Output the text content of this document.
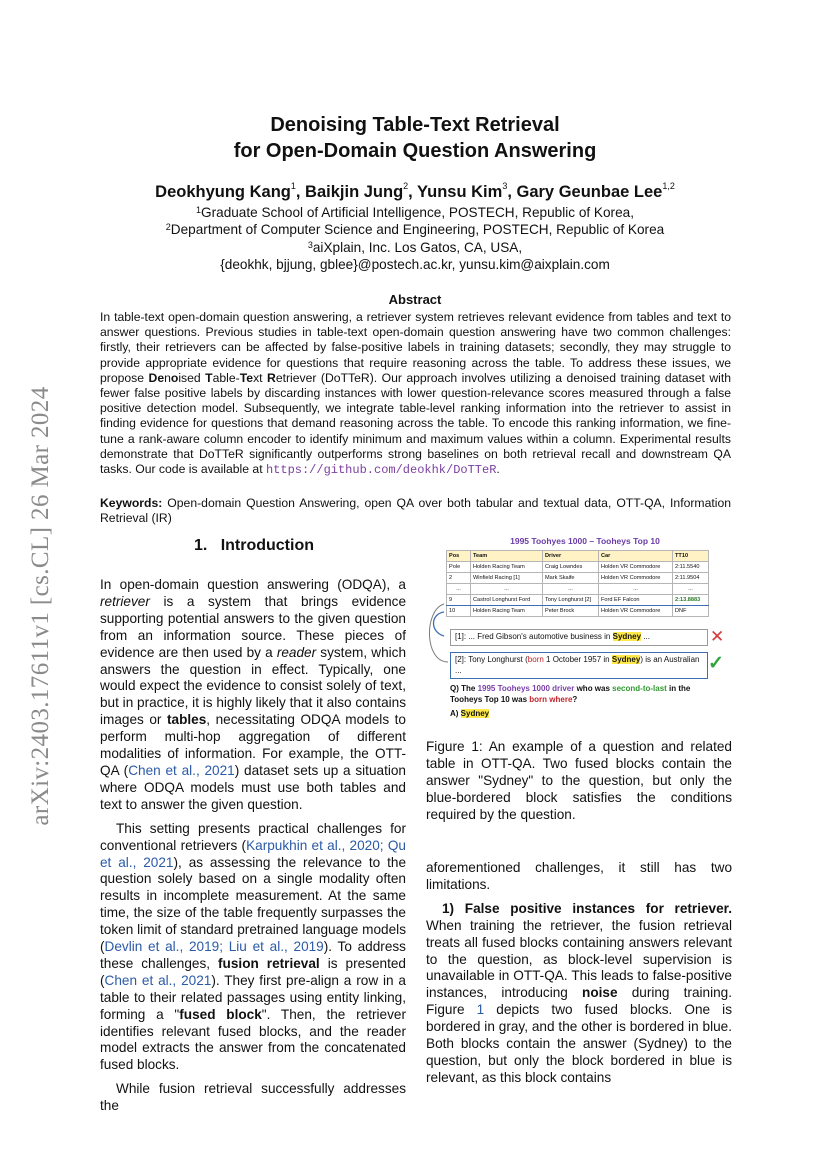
arXiv:2403.17611v1 [cs.CL] 26 Mar 2024
Denoising Table-Text Retrieval
for Open-Domain Question Answering
Deokhyung Kang$^1$, Baikjin Jung$^2$, Yunsu Kim$^3$, Gary Geunbae Lee$^{1,2}$
$^1$Graduate School of Artificial Intelligence, POSTECH, Republic of Korea,
$^2$Department of Computer Science and Engineering, POSTECH, Republic of Korea
$^3$aiXplain, Inc. Los Gatos, CA, USA,
{deokhk, bjjung, gblee}@postech.ac.kr, yunsu.kim@aixplain.com
Abstract
In table-text open-domain question answering, a retriever system retrieves relevant evidence from tables and text to answer questions. Previous studies in table-text open-domain question answering have two common challenges: firstly, their retrievers can be affected by false-positive labels in training datasets; secondly, they may struggle to provide appropriate evidence for questions that require reasoning across the table. To address these issues, we propose Denoised Table-Text Retriever (DoTTeR). Our approach involves utilizing a denoised training dataset with fewer false positive labels by discarding instances with lower question-relevance scores measured through a false positive detection model. Subsequently, we integrate table-level ranking information into the retriever to assist in finding evidence for questions that demand reasoning across the table. To encode this ranking information, we fine-tune a rank-aware column encoder to identify minimum and maximum values within a column. Experimental results demonstrate that DoTTeR significantly outperforms strong baselines on both retrieval recall and downstream QA tasks. Our code is available at https://github.com/deokhk/DoTTeR.
Keywords: Open-domain Question Answering, open QA over both tabular and textual data, OTT-QA, Information Retrieval (IR)
1. Introduction

In open-domain question answering (ODQA), a retriever is a system that brings evidence supporting potential answers to the given question from an information source. These pieces of evidence are then used by a reader system, which answers the question in effect. Typically, one would expect the evidence to consist solely of text, but in practice, it is highly likely that it also contains images or tables, necessitating ODQA models to perform multi-hop aggregation of different modalities of information. For example, the OTT-QA (Chen et al., 2021) dataset sets up a situation where ODQA models must use both tables and text to answer the given question.

This setting presents practical challenges for conventional retrievers (Karpukhin et al., 2020; Qu et al., 2021), as assessing the relevance to the question solely based on a single modality often results in incomplete measurement. At the same time, the size of the table frequently surpasses the token limit of standard pretrained language models (Devlin et al., 2019; Liu et al., 2019). To address these challenges, fusion retrieval is presented (Chen et al., 2021). They first pre-align a row in a table to their related passages using entity linking, forming a "fused block". Then, the retriever identifies relevant fused blocks, and the reader model extracts the answer from the concatenated fused blocks.

While fusion retrieval successfully addresses the

1995 Toohyes 1000 – Tooheys Top 10
Pos	Team	Driver	Car	TT10
Pole	Holden Racing Team	Craig Lowndes	Holden VR Commodore	2:11.5540
2	Winfield Racing [1]	Mark Skaife	Holden VR Commodore	2:11.9504
...	...	...	...	...
9	Castrol Longhurst Ford	Tony Longhurst [2]	Ford EF Falcon	2:13.8883
10	Holden Racing Team	Peter Brock	Holden VR Commodore	DNF
[1]: ... Fred Gibson's automotive business in Sydney ...	✕
[2]: Tony Longhurst (born 1 October 1957 in Sydney) is an Australian ...	✓
Q) The 1995 Tooheys 1000 driver who was second-to-last in the Tooheys Top 10 was born where?
A) Sydney
Figure 1: An example of a question and related table in OTT-QA. Two fused blocks contain the answer "Sydney" to the question, but only the blue-bordered block satisfies the conditions required by the question.

aforementioned challenges, it still has two limitations.

1) False positive instances for retriever. When training the retriever, the fusion retrieval treats all fused blocks containing answers relevant to the question, as block-level supervision is unavailable in OTT-QA. This leads to false-positive instances, introducing noise during training. Figure 1 depicts two fused blocks. One is bordered in gray, and the other is bordered in blue. Both blocks contain the answer (Sydney) to the question, but only the block bordered in blue is relevant, as this block contains
